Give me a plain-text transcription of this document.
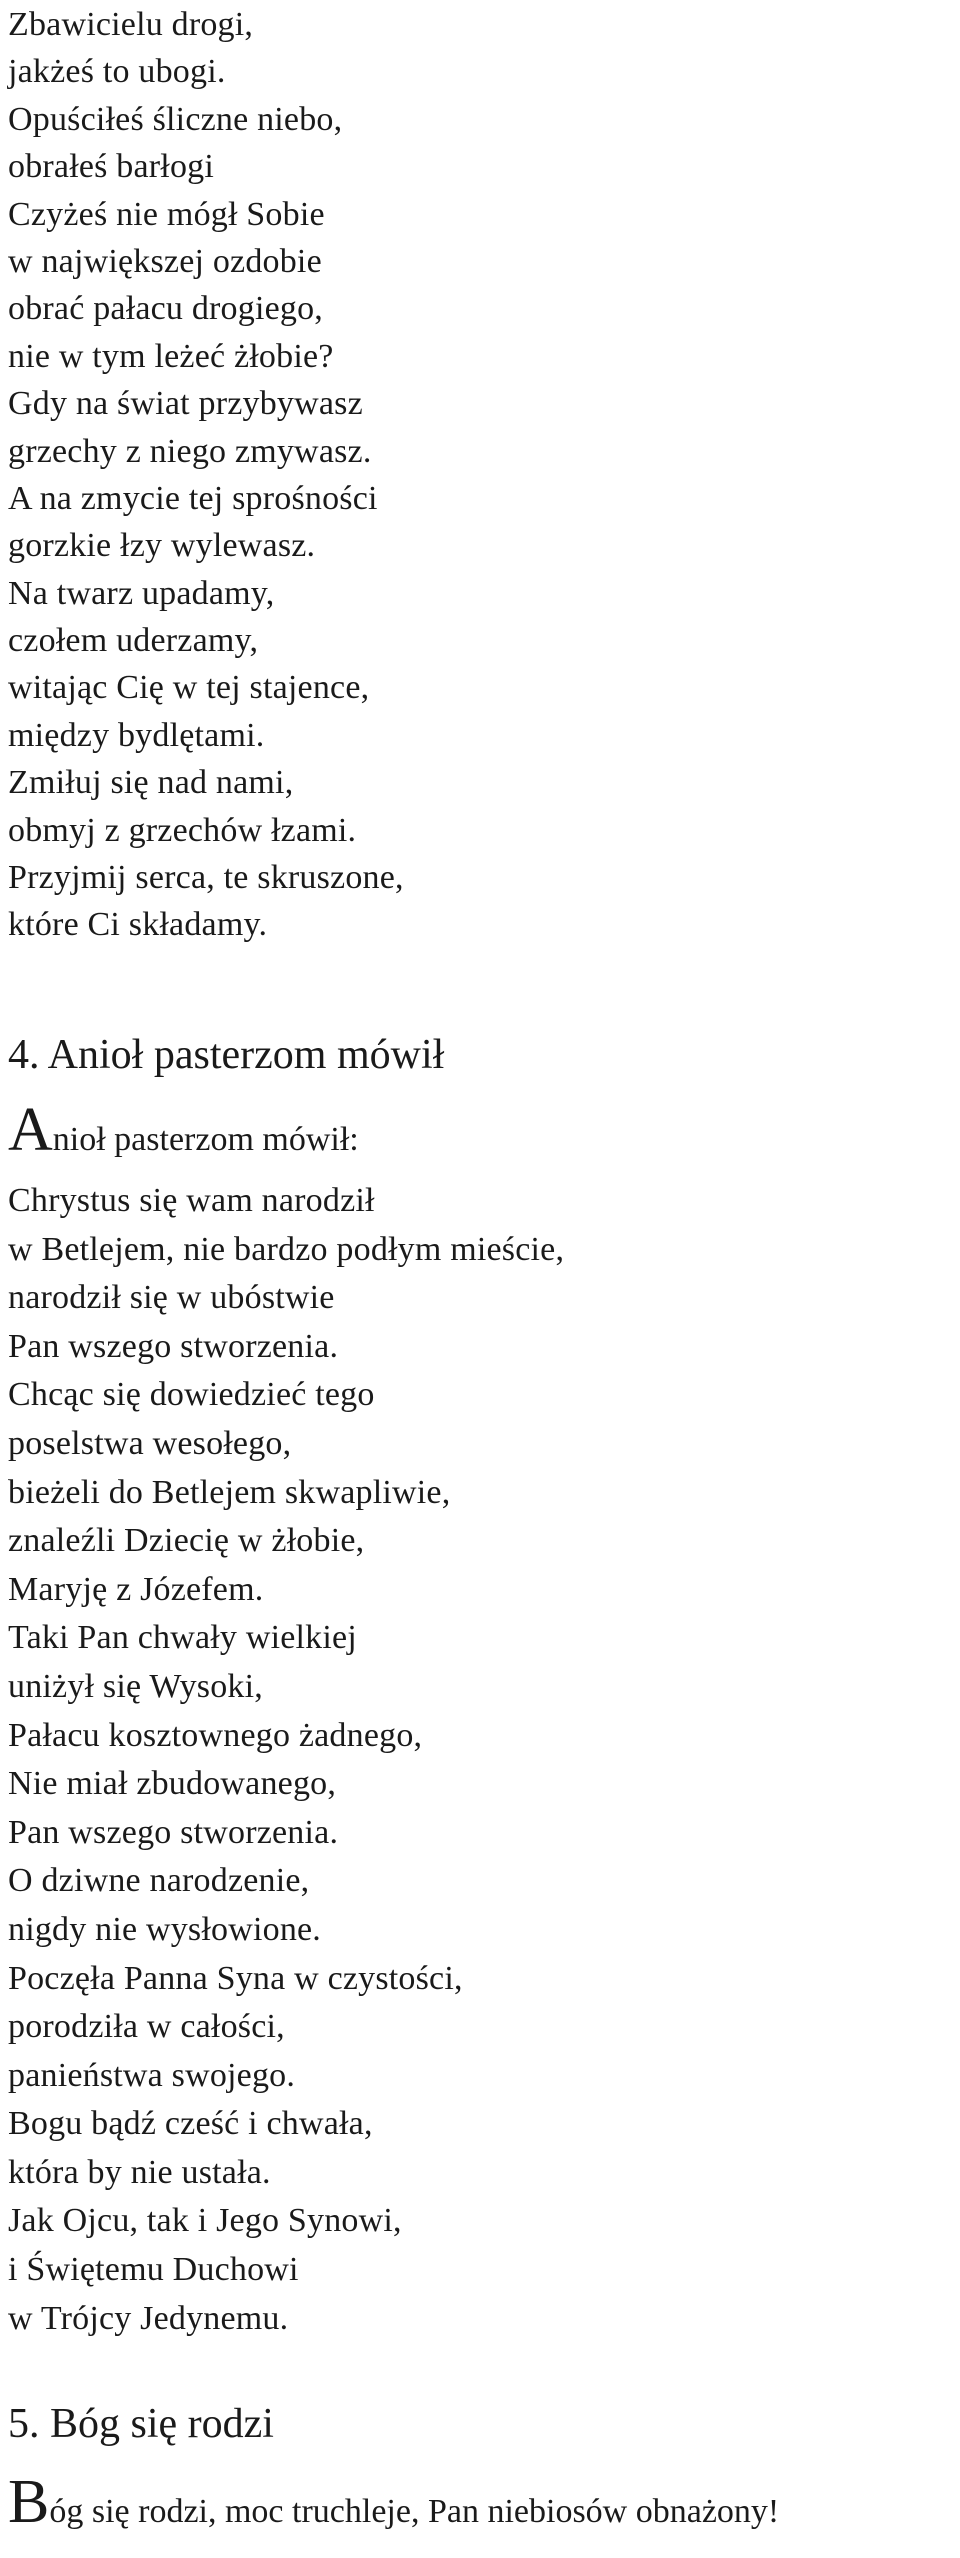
Zbawicielu drogi,
jakżeś to ubogi.
Opuściłeś śliczne niebo,
obrałeś barłogi
Czyżeś nie mógł Sobie
w największej ozdobie
obrać pałacu drogiego,
nie w tym leżeć żłobie?
Gdy na świat przybywasz
grzechy z niego zmywasz.
A na zmycie tej sprośności
gorzkie łzy wylewasz.
Na twarz upadamy,
czołem uderzamy,
witając Cię w tej stajence,
między bydlętami.
Zmiłuj się nad nami,
obmyj z grzechów łzami.
Przyjmij serca, te skruszone,
które Ci składamy.
4. Anioł pasterzom mówił
Anioł pasterzom mówił:
Chrystus się wam narodził
w Betlejem, nie bardzo podłym mieście,
narodził się w ubóstwie
Pan wszego stworzenia.
Chcąc się dowiedzieć tego
poselstwa wesołego,
bieżeli do Betlejem skwapliwie,
znaleźli Dziecię w żłobie,
Maryję z Józefem.
Taki Pan chwały wielkiej
uniżył się Wysoki,
Pałacu kosztownego żadnego,
Nie miał zbudowanego,
Pan wszego stworzenia.
O dziwne narodzenie,
nigdy nie wysłowione.
Poczęła Panna Syna w czystości,
porodziła w całości,
panieństwa swojego.
Bogu bądź cześć i chwała,
która by nie ustała.
Jak Ojcu, tak i Jego Synowi,
i Świętemu Duchowi
w Trójcy Jedynemu.
5. Bóg się rodzi
Bóg się rodzi, moc truchleje, Pan niebiosów obnażony!
